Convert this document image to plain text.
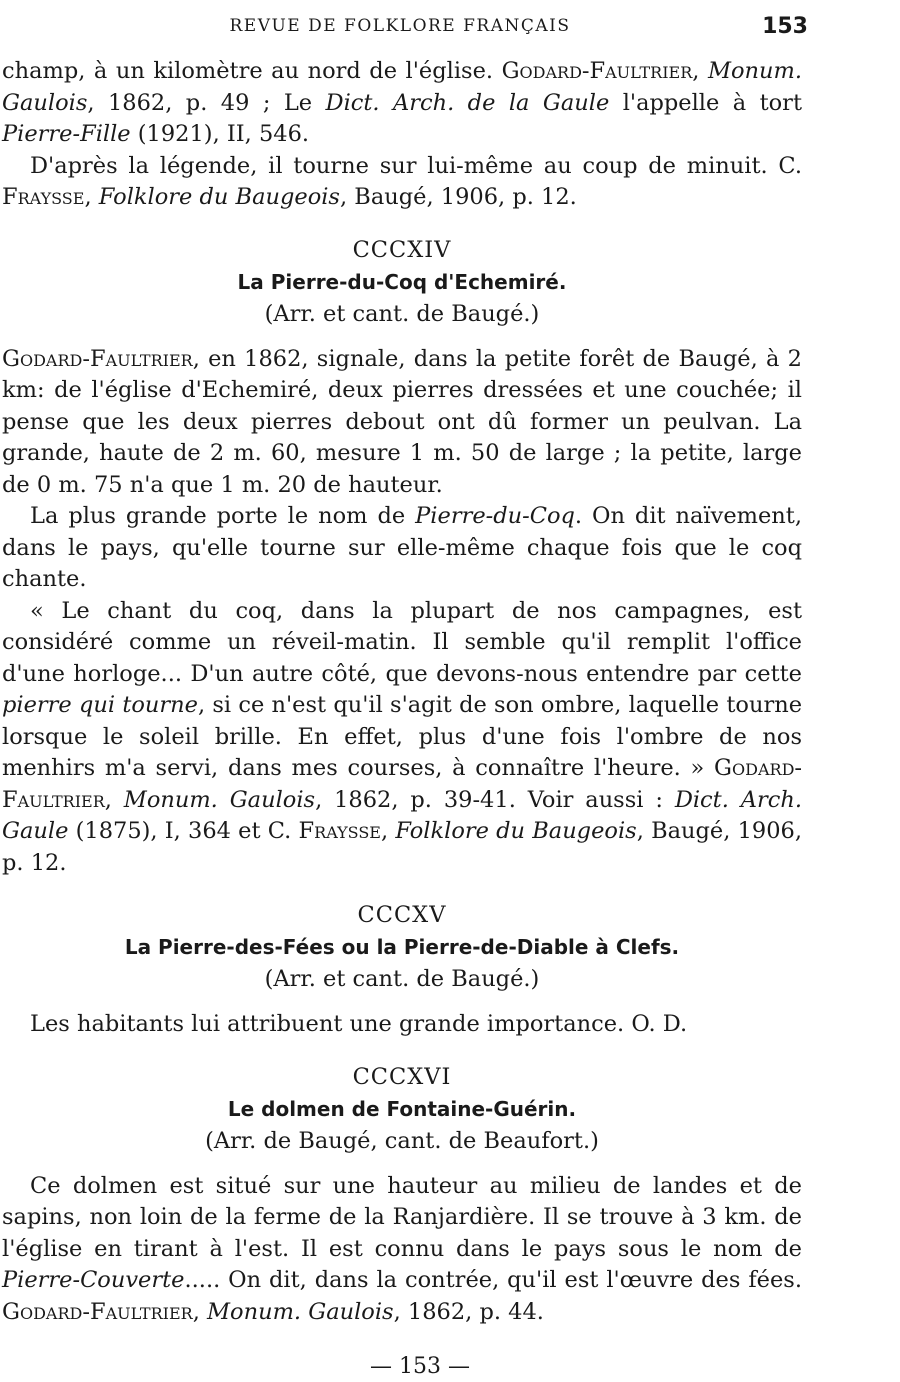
REVUE DE FOLKLORE FRANÇAIS	153

champ, à un kilomètre au nord de l'église. Godard-Faultrier, Monum. Gaulois, 1862, p. 49 ; Le Dict. Arch. de la Gaule l'appelle à tort Pierre-Fille (1921), II, 546.

D'après la légende, il tourne sur lui-même au coup de minuit. C. Fraysse, Folklore du Baugeois, Baugé, 1906, p. 12.

CCCXIV
La Pierre-du-Coq d'Echemiré.
(Arr. et cant. de Baugé.)

Godard-Faultrier, en 1862, signale, dans la petite forêt de Baugé, à 2 km: de l'église d'Echemiré, deux pierres dressées et une couchée; il pense que les deux pierres debout ont dû former un peulvan. La grande, haute de 2 m. 60, mesure 1 m. 50 de large ; la petite, large de 0 m. 75 n'a que 1 m. 20 de hauteur.

La plus grande porte le nom de Pierre-du-Coq. On dit naïvement, dans le pays, qu'elle tourne sur elle-même chaque fois que le coq chante.

« Le chant du coq, dans la plupart de nos campagnes, est considéré comme un réveil-matin. Il semble qu'il remplit l'office d'une horloge... D'un autre côté, que devons-nous entendre par cette pierre qui tourne, si ce n'est qu'il s'agit de son ombre, laquelle tourne lorsque le soleil brille. En effet, plus d'une fois l'ombre de nos menhirs m'a servi, dans mes courses, à connaître l'heure. » Godard-Faultrier, Monum. Gaulois, 1862, p. 39-41. Voir aussi : Dict. Arch. Gaule (1875), I, 364 et C. Fraysse, Folklore du Baugeois, Baugé, 1906, p. 12.

CCCXV
La Pierre-des-Fées ou la Pierre-de-Diable à Clefs.
(Arr. et cant. de Baugé.)

Les habitants lui attribuent une grande importance. O. D.

CCCXVI
Le dolmen de Fontaine-Guérin.
(Arr. de Baugé, cant. de Beaufort.)

Ce dolmen est situé sur une hauteur au milieu de landes et de sapins, non loin de la ferme de la Ranjardière. Il se trouve à 3 km. de l'église en tirant à l'est. Il est connu dans le pays sous le nom de Pierre-Couverte..... On dit, dans la contrée, qu'il est l'œuvre des fées. Godard-Faultrier, Monum. Gaulois, 1862, p. 44.

— 153 —
